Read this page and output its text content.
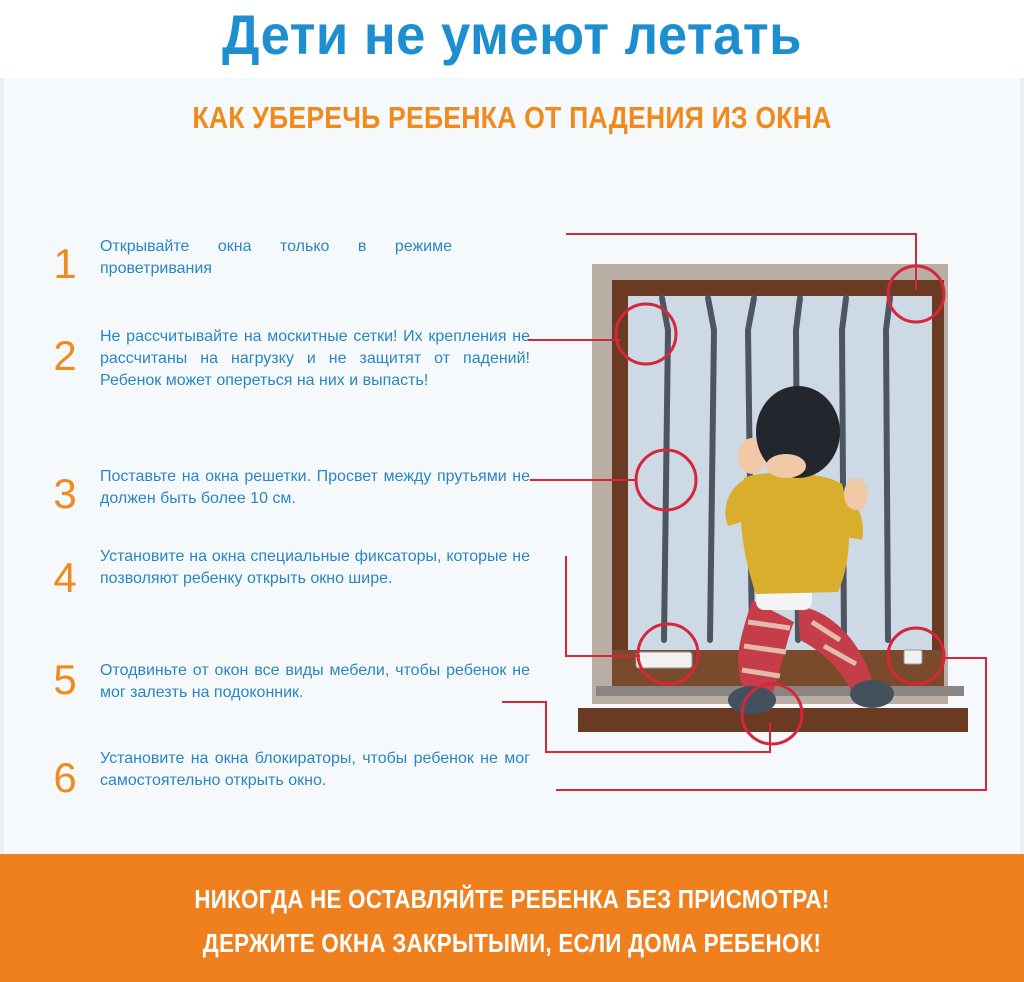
Дети не умеют летать
КАК УБЕРЕЧЬ РЕБЕНКА ОТ ПАДЕНИЯ ИЗ ОКНА
1	Открывайте окна только в режиме проветривания
2	Не рассчитывайте на москитные сетки! Их крепления не рассчитаны на нагрузку и не защитят от падений! Ребенок может опереться на них и выпасть!
3	Поставьте на окна решетки. Просвет между прутьями не должен быть более 10 см.
4	Установите на окна специальные фиксаторы, которые не позволяют ребенку открыть окно шире.
5	Отодвиньте от окон все виды мебели, чтобы ребенок не мог залезть на подоконник.
6	Установите на окна блокираторы, чтобы ребенок не мог самостоятельно открыть окно.
НИКОГДА НЕ ОСТАВЛЯЙТЕ РЕБЕНКА БЕЗ ПРИСМОТРА!
ДЕРЖИТЕ ОКНА ЗАКРЫТЫМИ, ЕСЛИ ДОМА РЕБЕНОК!
